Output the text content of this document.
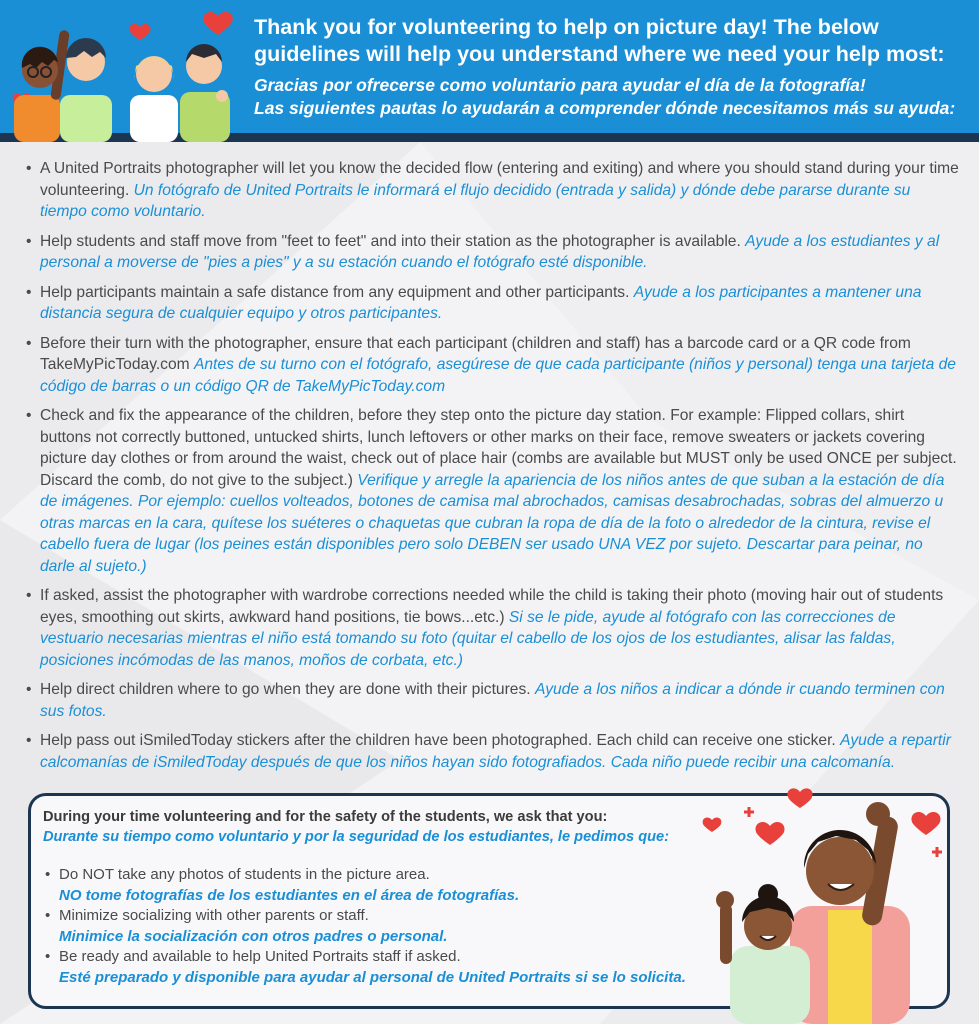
Thank you for volunteering to help on picture day! The below guidelines will help you understand where we need your help most:

Gracias por ofrecerse como voluntario para ayudar el día de la fotografía!
Las siguientes pautas lo ayudarán a comprender dónde necesitamos más su ayuda:

• A United Portraits photographer will let you know the decided flow (entering and exiting) and where you should stand during your time volunteering. Un fotógrafo de United Portraits le informará el flujo decidido (entrada y salida) y dónde debe pararse durante su tiempo como voluntario.
• Help students and staff move from "feet to feet" and into their station as the photographer is available. Ayude a los estudiantes y al personal a moverse de "pies a pies" y a su estación cuando el fotógrafo esté disponible.
• Help participants maintain a safe distance from any equipment and other participants. Ayude a los participantes a mantener una distancia segura de cualquier equipo y otros participantes.
• Before their turn with the photographer, ensure that each participant (children and staff) has a barcode card or a QR code from TakeMyPicToday.com Antes de su turno con el fotógrafo, asegúrese de que cada participante (niños y personal) tenga una tarjeta de código de barras o un código QR de TakeMyPicToday.com
• Check and fix the appearance of the children, before they step onto the picture day station. For example: Flipped collars, shirt buttons not correctly buttoned, untucked shirts, lunch leftovers or other marks on their face, remove sweaters or jackets covering picture day clothes or from around the waist, check out of place hair (combs are available but MUST only be used ONCE per subject. Discard the comb, do not give to the subject.) Verifique y arregle la apariencia de los niños antes de que suban a la estación de día de imágenes. Por ejemplo: cuellos volteados, botones de camisa mal abrochados, camisas desabrochadas, sobras del almuerzo u otras marcas en la cara, quítese los suéteres o chaquetas que cubran la ropa de día de la foto o alrededor de la cintura, revise el cabello fuera de lugar (los peines están disponibles pero solo DEBEN ser usado UNA VEZ por sujeto. Descartar para peinar, no darle al sujeto.)
• If asked, assist the photographer with wardrobe corrections needed while the child is taking their photo (moving hair out of students eyes, smoothing out skirts, awkward hand positions, tie bows...etc.) Si se le pide, ayude al fotógrafo con las correcciones de vestuario necesarias mientras el niño está tomando su foto (quitar el cabello de los ojos de los estudiantes, alisar las faldas, posiciones incómodas de las manos, moños de corbata, etc.)
• Help direct children where to go when they are done with their pictures. Ayude a los niños a indicar a dónde ir cuando terminen con sus fotos.
• Help pass out iSmiledToday stickers after the children have been photographed. Each child can receive one sticker. Ayude a repartir calcomanías de iSmiledToday después de que los niños hayan sido fotografiados. Cada niño puede recibir una calcomanía.

During your time volunteering and for the safety of the students, we ask that you:

Durante su tiempo como voluntario y por la seguridad de los estudiantes, le pedimos que:

• Do NOT take any photos of students in the picture area.
NO tome fotografías de los estudiantes en el área de fotografías.
• Minimize socializing with other parents or staff.
Minimice la socialización con otros padres o personal.
• Be ready and available to help United Portraits staff if asked.
Esté preparado y disponible para ayudar al personal de United Portraits si se lo solicita.
